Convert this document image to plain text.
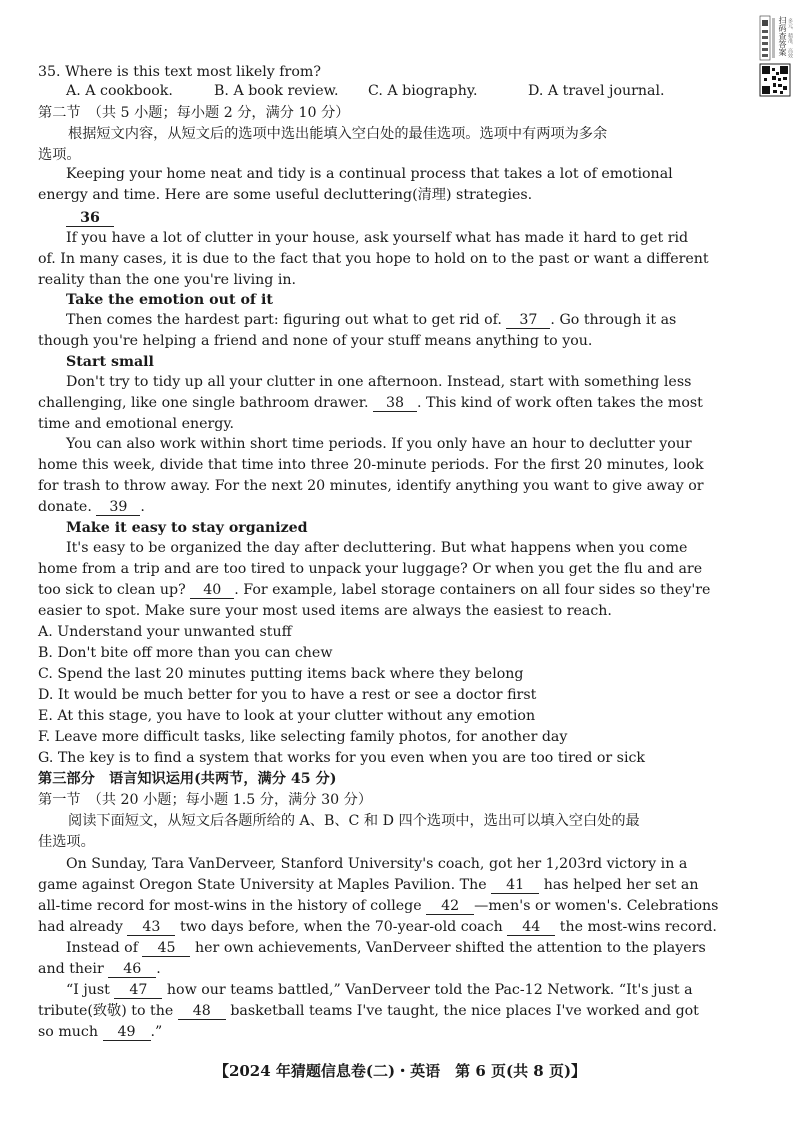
扫码查答案 多元、精准、高效
35. Where is this text most likely from?
A. A cookbook.	B. A book review. C. A biography.	D. A travel journal.
第二节　（共 5 小题；每小题 2 分，满分 10 分）
根据短文内容，从短文后的选项中选出能填入空白处的最佳选项。选项中有两项为多余
选项。
Keeping your home neat and tidy is a continual process that takes a lot of emotional
energy and time. Here are some useful decluttering(清理) strategies.
36
If you have a lot of clutter in your house, ask yourself what has made it hard to get rid
of. In many cases, it is due to the fact that you hope to hold on to the past or want a different
reality than the one you're living in.
Take the emotion out of it
Then comes the hardest part: figuring out what to get rid of. 37 . Go through it as
though you're helping a friend and none of your stuff means anything to you.
Start small
Don't try to tidy up all your clutter in one afternoon. Instead, start with something less
challenging, like one single bathroom drawer. 38 . This kind of work often takes the most
time and emotional energy.
You can also work within short time periods. If you only have an hour to declutter your
home this week, divide that time into three 20-minute periods. For the first 20 minutes, look
for trash to throw away. For the next 20 minutes, identify anything you want to give away or
donate. 39 .
Make it easy to stay organized
It's easy to be organized the day after decluttering. But what happens when you come
home from a trip and are too tired to unpack your luggage? Or when you get the flu and are
too sick to clean up? 40 . For example, label storage containers on all four sides so they're
easier to spot. Make sure your most used items are always the easiest to reach.
A. Understand your unwanted stuff
B. Don't bite off more than you can chew
C. Spend the last 20 minutes putting items back where they belong
D. It would be much better for you to have a rest or see a doctor first
E. At this stage, you have to look at your clutter without any emotion
F. Leave more difficult tasks, like selecting family photos, for another day
G. The key is to find a system that works for you even when you are too tired or sick
第三部分　语言知识运用(共两节，满分 45 分)
第一节　（共 20 小题；每小题 1.5 分，满分 30 分）
阅读下面短文，从短文后各题所给的 A、B、C 和 D 四个选项中，选出可以填入空白处的最
佳选项。
On Sunday, Tara VanDerveer, Stanford University's coach, got her 1,203rd victory in a
game against Oregon State University at Maples Pavilion. The 41 has helped her set an
all-time record for most-wins in the history of college 42 —men's or women's. Celebrations
had already 43 two days before, when the 70-year-old coach 44 the most-wins record.
Instead of 45 her own achievements, VanDerveer shifted the attention to the players
and their 46 .
“I just 47 how our teams battled,” VanDerveer told the Pac-12 Network. “It's just a
tribute(致敬) to the 48 basketball teams I've taught, the nice places I've worked and got
so much 49 .”
【2024 年猜题信息卷(二)・英语　第 6 页(共 8 页)】
